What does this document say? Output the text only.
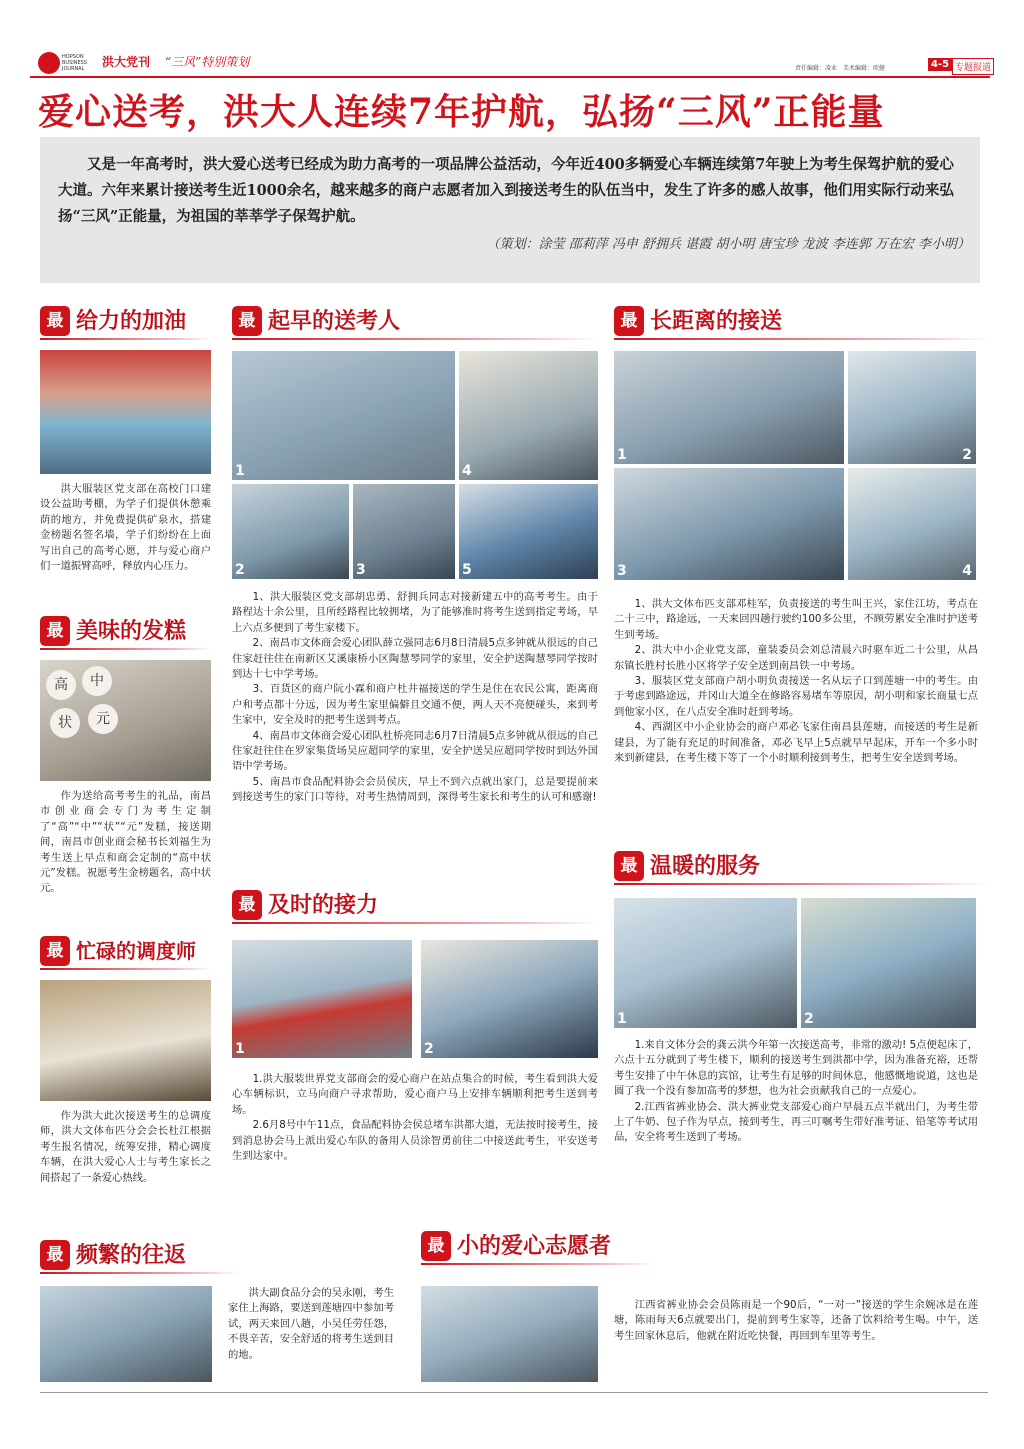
HOPSON BUSINESS JOURNAL	洪大党刊 “三风”特别策划	责任编辑：凌业　美术编辑：欧健	4-5 专题报道
爱心送考，洪大人连续7年护航，弘扬“三风”正能量
又是一年高考时，洪大爱心送考已经成为助力高考的一项品牌公益活动，今年近400多辆爱心车辆连续第7年驶上为考生保驾护航的爱心大道。六年来累计接送考生近1000余名，越来越多的商户志愿者加入到接送考生的队伍当中，发生了许多的感人故事，他们用实际行动来弘扬“三风”正能量，为祖国的莘莘学子保驾护航。
（策划：涂莹 邵莉萍 冯申 舒拥兵 谌霞 胡小明 唐宝珍 龙波 李连郭 万在宏 李小明）
最 给力的加油
洪大服装区党支部在高校门口建设公益助考棚，为学子们提供休憩乘荫的地方，并免费提供矿泉水，搭建金榜题名签名墙，学子们纷纷在上面写出自己的高考心愿，并与爱心商户们一道振臂高呼，释放内心压力。
最 美味的发糕
高	中
状	元
作为送给高考考生的礼品，南昌市创业商会专门为考生定制了“高”“中”“状”“元”发糕，接送期间，南昌市创业商会秘书长刘福生为考生送上早点和商会定制的“高中状元”发糕。祝愿考生金榜题名，高中状元。
最 忙碌的调度师
作为洪大此次接送考生的总调度师，洪大文体布匹分会会长杜江根据考生报名情况，统筹安排，精心调度车辆，在洪大爱心人士与考生家长之间搭起了一条爱心热线。
最 起早的送考人
1	4
2	3	5

1、洪大服装区党支部胡忠勇、舒拥兵同志对接新建五中的高考考生。由于路程达十余公里，且所经路程比较拥堵，为了能够准时将考生送到指定考场，早上六点多便到了考生家楼下。

2、南昌市文体商会爱心团队薛立强同志6月8日清晨5点多钟就从很远的自己住家赶往住在南新区艾溪康桥小区陶慧琴同学的家里，安全护送陶慧琴同学按时到达十七中学考场。

3、百货区的商户阮小霖和商户杜井福接送的学生是住在农民公寓，距离商户和考点都十分远，因为考生家里偏僻且交通不便，两人天不亮便碰头，来到考生家中，安全及时的把考生送到考点。

4、南昌市文体商会爱心团队杜桥亮同志6月7日清晨5点多钟就从很远的自己住家赶往住在罗家集货场吴应超同学的家里，安全护送吴应超同学按时到达外国语中学考场。

5、南昌市食品配料协会会员侯庆，早上不到六点就出家门，总是要提前来到接送考生的家门口等待，对考生热情周到，深得考生家长和考生的认可和感谢!

最 及时的接力
1	2

1.洪大服装世界党支部商会的爱心商户在站点集合的时候，考生看到洪大爱心车辆标识，立马向商户寻求帮助，爱心商户马上安排车辆顺利把考生送到考场。

2.6月8号中午11点，食品配料协会侯总堵车洪都大道，无法按时接考生，接到消息协会马上派出爱心车队的备用人员涂智勇前往二中接送此考生，平安送考生到达家中。

最 长距离的接送
1	2
3	4

1、洪大文体布匹支部邓桂军，负责接送的考生叫王兴，家住江坊，考点在二十三中，路途远，一天来回四趟行驶约100多公里，不顾劳累安全准时护送考生到考场。

2、洪大中小企业党支部，童装委员会刘总清晨六时驱车近二十公里，从昌东镇长胜村长胜小区将学子安全送到南昌铁一中考场。

3、服装区党支部商户胡小明负责接送一名从坛子口到莲塘一中的考生。由于考虑到路途远，并冈山大道全在修路容易堵车等原因，胡小明和家长商量七点到他家小区，在八点安全准时赶到考场。

4、西湖区中小企业协会的商户邓必飞家住南昌县莲塘，而接送的考生是新建县，为了能有充足的时间准备，邓必飞早上5点就早早起床，开车一个多小时来到新建县，在考生楼下等了一个小时顺利接到考生，把考生安全送到考场。

最 温暖的服务
1	2

1.来自文体分会的龚云洪今年第一次接送高考，非常的激动! 5点便起床了，六点十五分就到了考生楼下，顺利的接送考生到洪都中学，因为准备充裕，还帮考生安排了中午休息的宾馆，让考生有足够的时间休息，他感慨地说道，这也是圆了我一个没有参加高考的梦想，也为社会贡献我自己的一点爱心。

2.江西省裤业协会、洪大裤业党支部爱心商户早晨五点半就出门，为考生带上了牛奶、包子作为早点，接到考生，再三叮嘱考生带好准考证、铅笔等考试用品，安全将考生送到了考场。

最 频繁的往返
洪大副食品分会的吴永刚，考生家住上海路，要送到莲塘四中参加考试，两天来回八趟，小吴任劳任怨，不畏辛苦，安全舒适的将考生送到目的地。
最 小的爱心志愿者
江西省裤业协会会员陈雨是一个90后，“一对一”接送的学生余婉冰是在莲塘，陈雨每天6点就要出门，提前到考生家等，还备了饮料给考生喝。中午，送考生回家休息后，他就在附近吃快餐，再回到车里等考生。
